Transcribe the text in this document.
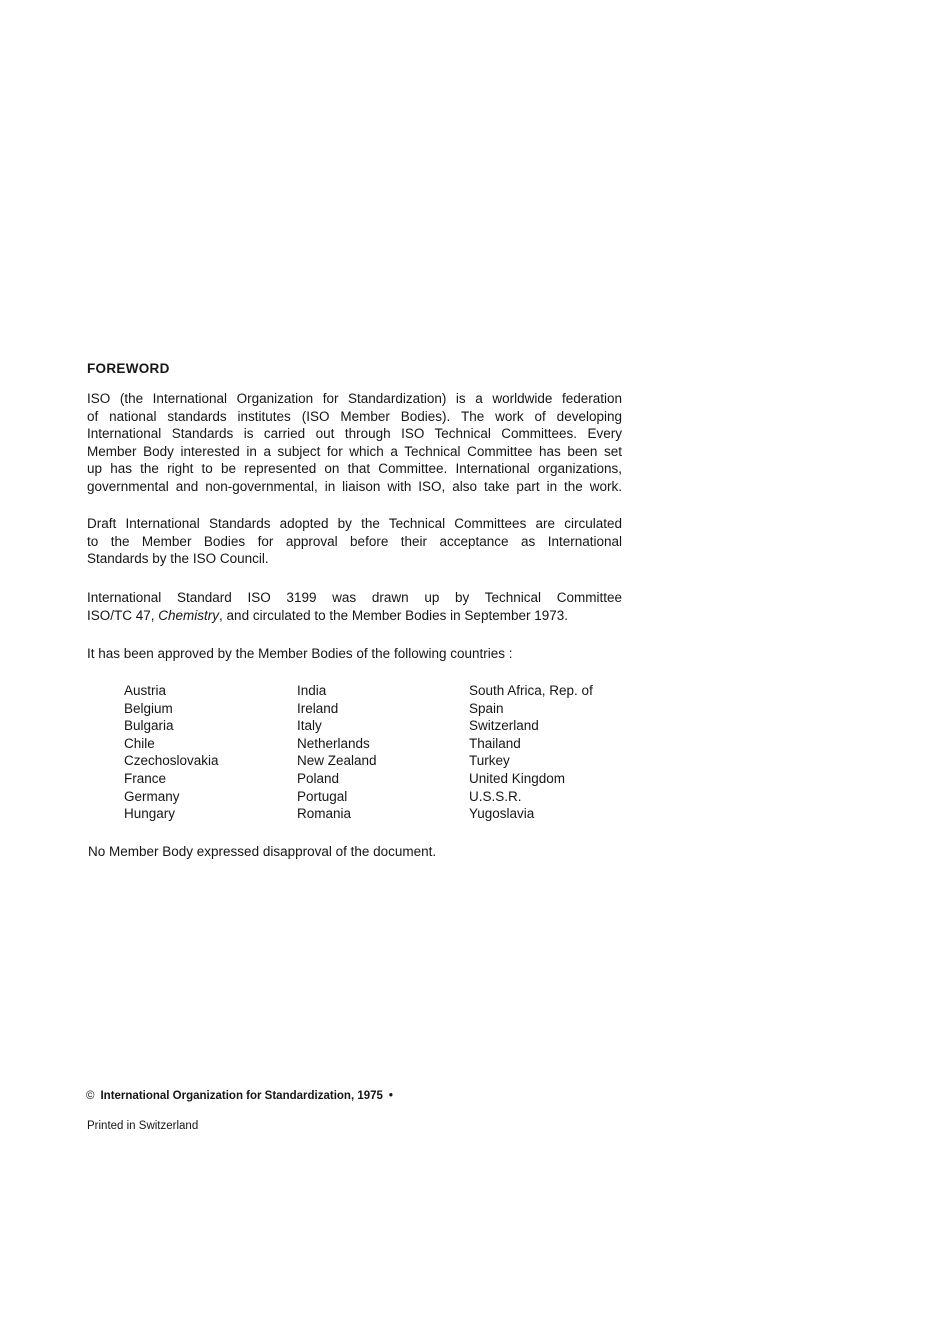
FOREWORD
ISO (the International Organization for Standardization) is a worldwide federation
of national standards institutes (ISO Member Bodies). The work of developing
International Standards is carried out through ISO Technical Committees. Every
Member Body interested in a subject for which a Technical Committee has been set
up has the right to be represented on that Committee. International organizations,
governmental and non-governmental, in liaison with ISO, also take part in the work.
Draft International Standards adopted by the Technical Committees are circulated
to the Member Bodies for approval before their acceptance as International
Standards by the ISO Council.
International Standard ISO 3199 was drawn up by Technical Committee
ISO/TC 47, Chemistry, and circulated to the Member Bodies in September 1973.
It has been approved by the Member Bodies of the following countries :
Austria
Belgium
Bulgaria
Chile
Czechoslovakia
France
Germany
Hungary
India
Ireland
Italy
Netherlands
New Zealand
Poland
Portugal
Romania
South Africa, Rep. of
Spain
Switzerland
Thailand
Turkey
United Kingdom
U.S.S.R.
Yugoslavia
No Member Body expressed disapproval of the document.
© International Organization for Standardization, 1975 •
Printed in Switzerland
